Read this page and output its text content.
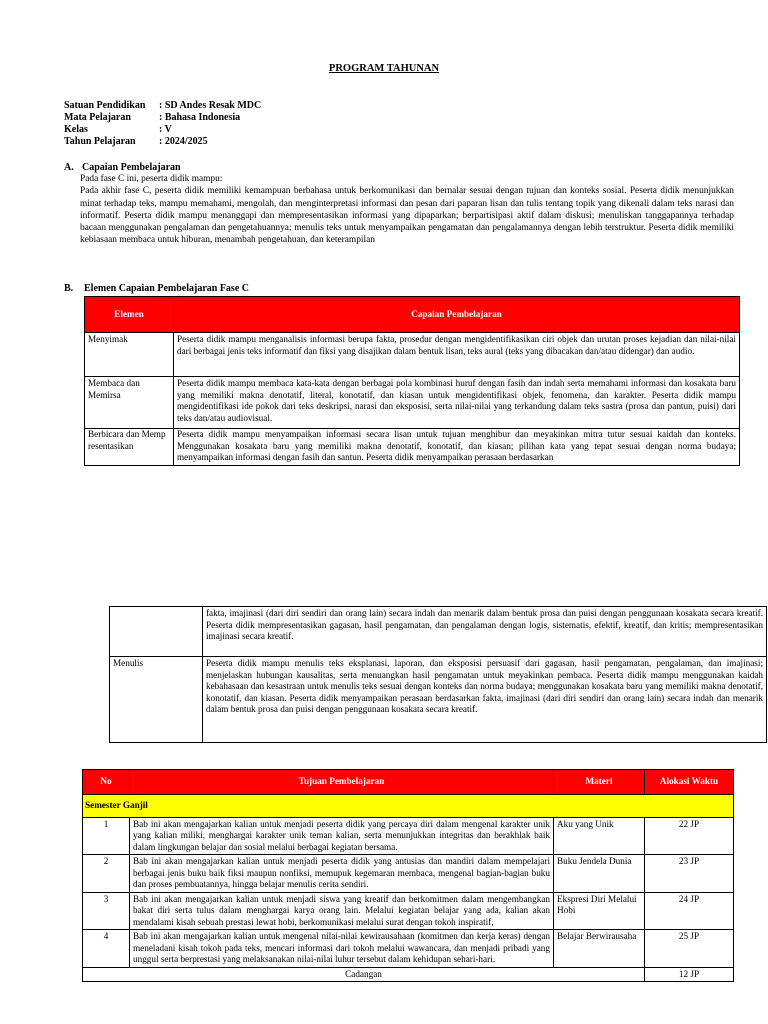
PROGRAM TAHUNAN
Satuan Pendidikan	: SD Andes Resak MDC
Mata Pelajaran	: Bahasa Indonesia
Kelas	: V
Tahun Pelajaran	: 2024/2025
A. Capaian Pembelajaran
Pada fase C ini, peserta didik mampu:
Pada akhir fase C, peserta didik memiliki kemampuan berbahasa untuk berkomunikasi dan bernalar sesuai dengan tujuan dan konteks sosial. Peserta didik menunjukkan minat terhadap teks, mampu memahami, mengolah, dan menginterpretasi informasi dan pesan dari paparan lisan dan tulis tentang topik yang dikenali dalam teks narasi dan informatif. Peserta didik mampu menanggapi dan mempresentasikan informasi yang dipaparkan; berpartisipasi aktif dalam diskusi; menuliskan tanggapannya terhadap bacaan menggunakan pengalaman dan pengetahuannya; menulis teks untuk menyampaikan pengamatan dan pengalamannya dengan lebih terstruktur. Peserta didik memiliki kebiasaan membaca untuk hiburan, menambah pengetahuan, dan keterampilan
B.	Elemen Capaian Pembelajaran Fase C
Elemen	Capaian Pembelajaran
Menyimak	Peserta didik mampu menganalisis informasi berupa fakta, prosedur dengan mengidentifikasikan ciri objek dan urutan proses kejadian dan nilai-nilai dari berbagai jenis teks informatif dan fiksi yang disajikan dalam bentuk lisan, teks aural (teks yang dibacakan dan/atau didengar) dan audio.
Membaca dan Memirsa	Peserta didik mampu membaca kata-kata dengan berbagai pola kombinasi huruf dengan fasih dan indah serta memahami informasi dan kosakata baru yang memiliki makna denotatif, literal, konotatif, dan kiasan untuk mengidentifikasi objek, fenomena, dan karakter. Peserta didik mampu mengidentifikasi ide pokok dari teks deskripsi, narasi dan eksposisi, serta nilai-nilai yang terkandung dalam teks sastra (prosa dan pantun, puisi) dari teks dan/atau audiovisual.

Berbicara dan Mempresentasikan	Peserta didik mampu menyampaikan informasi secara lisan untuk tujuan menghibur dan meyakinkan mitra tutur sesuai kaidah dan konteks. Menggunakan kosakata baru yang memiliki makna denotatif, konotatif, dan kiasan; pilihan kata yang tepat sesuai dengan norma budaya; menyampaikan informasi dengan fasih dan santun. Peserta didik menyampaikan perasaan berdasarkan
	fakta, imajinasi (dari diri sendiri dan orang lain) secara indah dan menarik dalam bentuk prosa dan puisi dengan penggunaan kosakata secara kreatif. Peserta didik mempresentasikan gagasan, hasil pengamatan, dan pengalaman dengan logis, sistematis, efektif, kreatif, dan kritis; mempresentasikan imajinasi secara kreatif.
Menulis	Peserta didik mampu menulis teks eksplanasi, laporan, dan eksposisi persuasif dari gagasan, hasil pengamatan, pengalaman, dan imajinasi; menjelaskan hubungan kausalitas, serta menuangkan hasil pengamatan untuk meyakinkan pembaca. Peserta didik mampu menggunakan kaidah kebahasaan dan kesastraan untuk menulis teks sesuai dengan konteks dan norma budaya; menggunakan kosakata baru yang memiliki makna denotatif, konotatif, dan kiasan. Peserta didik menyampaikan perasaan berdasarkan fakta, imajinasi (dari diri sendiri dan orang lain) secara indah dan menarik dalam bentuk prosa dan puisi dengan penggunaan kosakata secara kreatif.
No	Tujuan Pembelajaran	Materi	Alokasi Waktu
Semester Ganjil			
1	Bab ini akan mengajarkan kalian untuk menjadi peserta didik yang percaya diri dalam mengenal karakter unik yang kalian miliki, menghargai karakter unik teman kalian, serta menunjukkan integritas dan berakhlak baik dalam lingkungan belajar dan sosial melalui berbagai kegiatan bersama.	Aku yang Unik	22 JP
2	Bab ini akan mengajarkan kalian untuk menjadi peserta didik yang antusias dan mandiri dalam mempelajari berbagai jenis buku baik fiksi maupun nonfiksi, memupuk kegemaran membaca, mengenal bagian-bagian buku dan proses pembuatannya, hingga belajar menulis cerita sendiri.	Buku Jendela Dunia	23 JP
3	Bab ini akan mengajarkan kalian untuk menjadi siswa yang kreatif dan berkomitmen dalam mengembangkan bakat diri serta tulus dalam menghargai karya orang lain. Melalui kegiatan belajar yang ada, kalian akan mendalami kisah sebuah prestasi lewat hobi, berkomunikasi melalui surat dengan tokoh inspiratif,	Ekspresi Diri Melalui Hobi	24 JP
4	Bab ini akan mengajarkan kalian untuk mengenal nilai-nilai kewirausahaan (komitmen dan kerja keras) dengan meneladani kisah tokoh pada teks, mencari informasi dari tokoh melalui wawancara, dan menjadi pribadi yang unggul serta berprestasi yang melaksanakan nilai-nilai luhur tersebut dalam kehidupan sehari-hari.	Belajar Berwirausaha	25 JP
Cadangan			12 JP
